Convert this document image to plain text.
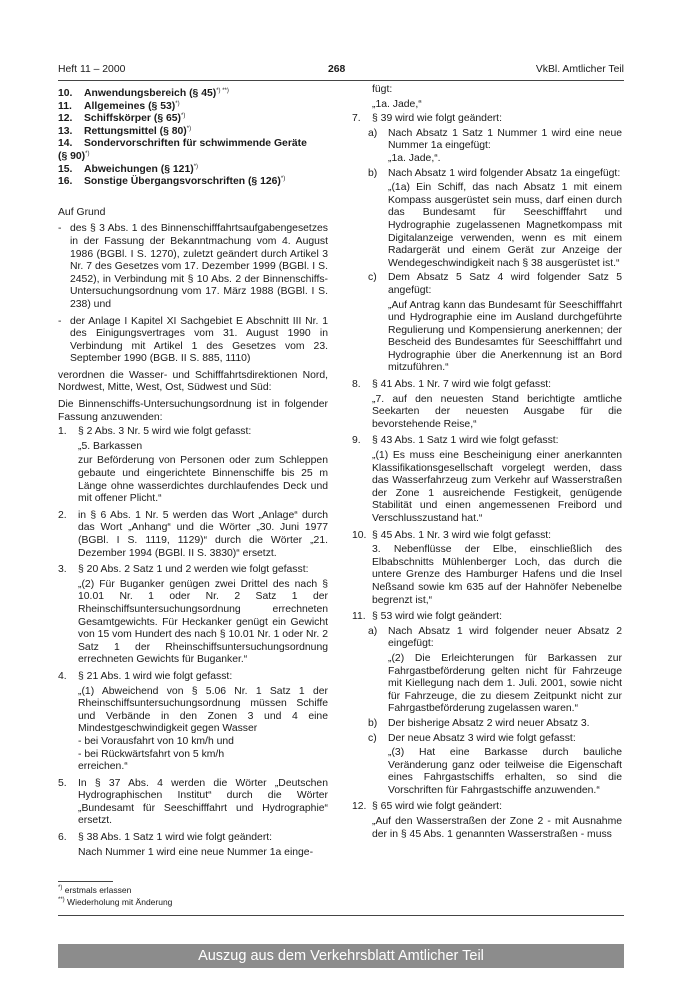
Heft 11 – 2000	268	VkBl. Amtlicher Teil

10. Anwendungsbereich (§ 45)*) **)

11. Allgemeines (§ 53)*)

12. Schiffskörper (§ 65)*)

13. Rettungsmittel (§ 80)*)

14. Sondervorschriften für schwimmende Geräte

(§ 90)*)

15. Abweichungen (§ 121)*)

16. Sonstige Übergangsvorschriften (§ 126)*)

Auf Grund

- des § 3 Abs. 1 des Binnenschifffahrtsaufgabengesetzes in der Fassung der Bekanntmachung vom 4. August 1986 (BGBl. I S. 1270), zuletzt geändert durch Artikel 3 Nr. 7 des Gesetzes vom 17. Dezember 1999 (BGBl. I S. 2452), in Verbindung mit § 10 Abs. 2 der Binnenschiffs-Untersuchungsordnung vom 17. März 1988 (BGBl. I S. 238) und
- der Anlage I Kapitel XI Sachgebiet E Abschnitt III Nr. 1 des Einigungsvertrages vom 31. August 1990 in Verbindung mit Artikel 1 des Gesetzes vom 23. September 1990 (BGB. II S. 885, 1110)

verordnen die Wasser- und Schifffahrtsdirektionen Nord, Nordwest, Mitte, West, Ost, Südwest und Süd:

Die Binnenschiffs-Untersuchungsordnung ist in folgender Fassung anzuwenden:

1. § 2 Abs. 3 Nr. 5 wird wie folgt gefasst:

„5. Barkassen

zur Beförderung von Personen oder zum Schleppen gebaute und eingerichtete Binnenschiffe bis 25 m Länge ohne wasserdichtes durchlaufendes Deck und mit offener Plicht.“

2. in § 6 Abs. 1 Nr. 5 werden das Wort „Anlage“ durch das Wort „Anhang“ und die Wörter „30. Juni 1977 (BGBl. I S. 1119, 1129)“ durch die Wörter „21. Dezember 1994 (BGBl. II S. 3830)“ ersetzt.
3. § 20 Abs. 2 Satz 1 und 2 werden wie folgt gefasst:

„(2) Für Buganker genügen zwei Drittel des nach § 10.01 Nr. 1 oder Nr. 2 Satz 1 der Rheinschiffsuntersuchungsordnung errechneten Gesamtgewichts. Für Heckanker genügt ein Gewicht von 15 vom Hundert des nach § 10.01 Nr. 1 oder Nr. 2 Satz 1 der Rheinschiffsuntersuchungsordnung errechneten Gewichts für Buganker.“

4. § 21 Abs. 1 wird wie folgt gefasst:

„(1) Abweichend von § 5.06 Nr. 1 Satz 1 der Rheinschiffsuntersuchungsordnung müssen Schiffe und Verbände in den Zonen 3 und 4 eine Mindestgeschwindigkeit gegen Wasser

- bei Vorausfahrt von 10 km/h und

- bei Rückwärtsfahrt von 5 km/h

erreichen.“

5. In § 37 Abs. 4 werden die Wörter „Deutschen Hydrographischen Institut“ durch die Wörter „Bundesamt für Seeschifffahrt und Hydrographie“ ersetzt.
6. § 38 Abs. 1 Satz 1 wird wie folgt geändert:

Nach Nummer 1 wird eine neue Nummer 1a einge-

fügt:

„1a. Jade,“

7. § 39 wird wie folgt geändert:
a) Nach Absatz 1 Satz 1 Nummer 1 wird eine neue Nummer 1a eingefügt:

„1a. Jade,“.

b) Nach Absatz 1 wird folgender Absatz 1a eingefügt:

„(1a) Ein Schiff, das nach Absatz 1 mit einem Kompass ausgerüstet sein muss, darf einen durch das Bundesamt für Seeschifffahrt und Hydrographie zugelassenen Magnetkompass mit Digitalanzeige verwenden, wenn es mit einem Radargerät und einem Gerät zur Anzeige der Wendegeschwindigkeit nach § 38 ausgerüstet ist.“

c) Dem Absatz 5 Satz 4 wird folgender Satz 5 angefügt:

„Auf Antrag kann das Bundesamt für Seeschifffahrt und Hydrographie eine im Ausland durchgeführte Regulierung und Kompensierung anerkennen; der Bescheid des Bundesamtes für Seeschifffahrt und Hydrographie über die Anerkennung ist an Bord mitzuführen.“

8. § 41 Abs. 1 Nr. 7 wird wie folgt gefasst:

„7. auf den neuesten Stand berichtigte amtliche Seekarten der neuesten Ausgabe für die bevorstehende Reise,“

9. § 43 Abs. 1 Satz 1 wird wie folgt gefasst:

„(1) Es muss eine Bescheinigung einer anerkannten Klassifikationsgesellschaft vorgelegt werden, dass das Wasserfahrzeug zum Verkehr auf Wasserstraßen der Zone 1 ausreichende Festigkeit, genügende Stabilität und einen angemessenen Freibord und Verschlusszustand hat.“

10. § 45 Abs. 1 Nr. 3 wird wie folgt gefasst:

3. Nebenflüsse der Elbe, einschließlich des Elbabschnitts Mühlenberger Loch, das durch die untere Grenze des Hamburger Hafens und die Insel Neßsand sowie km 635 auf der Hahnöfer Nebenelbe begrenzt ist,“

11. § 53 wird wie folgt geändert:
a) Nach Absatz 1 wird folgender neuer Absatz 2 eingefügt:

„(2) Die Erleichterungen für Barkassen zur Fahrgastbeförderung gelten nicht für Fahrzeuge mit Kiellegung nach dem 1. Juli. 2001, sowie nicht für Fahrzeuge, die zu diesem Zeitpunkt nicht zur Fahrgastbeförderung zugelassen waren.“

b) Der bisherige Absatz 2 wird neuer Absatz 3.
c) Der neue Absatz 3 wird wie folgt gefasst:

„(3) Hat eine Barkasse durch bauliche Veränderung ganz oder teilweise die Eigenschaft eines Fahrgastschiffs erhalten, so sind die Vorschriften für Fahrgastschiffe anzuwenden.“

12. § 65 wird wie folgt geändert:

„Auf den Wasserstraßen der Zone 2 - mit Ausnahme der in § 45 Abs. 1 genannten Wasserstraßen - muss

*) erstmals erlassen
**) Wiederholung mit Änderung
Auszug aus dem Verkehrsblatt Amtlicher Teil
